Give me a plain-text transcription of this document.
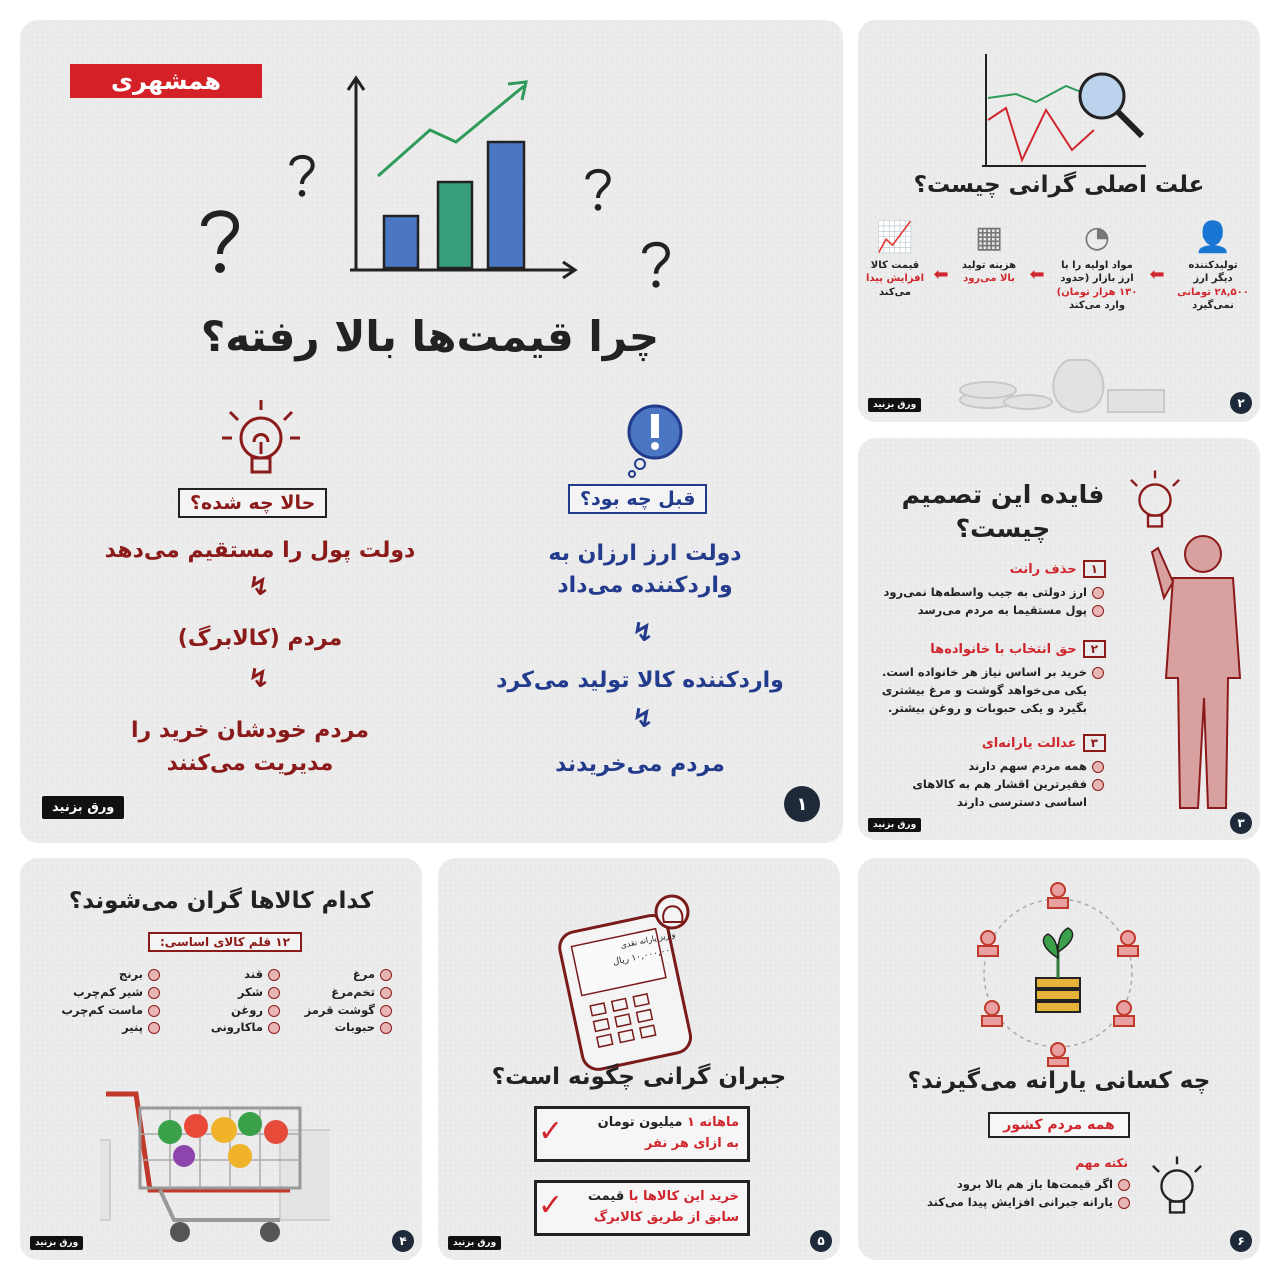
همشهری
چرا قیمت‌ها بالا رفته؟
حالا چه شده؟
دولت پول را مستقیم می‌دهد
↯
مردم (کالابرگ)
↯
مردم خودشان خرید را مدیریت می‌کنند
قبل چه بود؟
دولت ارز ارزان به واردکننده می‌داد
↯
واردکننده کالا تولید می‌کرد
↯
مردم می‌خریدند
ورق بزنید	۱
علت اصلی گرانی چیست؟
👤
تولیدکننده
دیگر ارز
۲۸,۵۰۰ تومانی
نمی‌گیرد
⬅
◔
مواد اولیه را با
ارز بازار (حدود
۱۳۰ هزار تومان)
وارد می‌کند
⬅
▦
هزینه تولید
بالا می‌رود
⬅
📈
قیمت کالا
افزایش پیدا
می‌کند
ورق بزنید	۲
فایده این تصمیم چیست؟
۱
حذف رانت
ارز دولتی به جیب واسطه‌ها نمی‌رود
پول مستقیما به مردم می‌رسد
۲
حق انتخاب با خانواده‌ها
خرید بر اساس نیاز هر خانواده است. یکی می‌خواهد گوشت و مرغ بیشتری بگیرد و یکی حبوبات و روغن بیشتر.
۳
عدالت یارانه‌ای
همه مردم سهم دارند
فقیرترین اقشار هم به کالاهای اساسی دسترسی دارند
ورق بزنید	۳
کدام کالاها گران می‌شوند؟
۱۲ قلم کالای اساسی:
مرغ
تخم‌مرغ
گوشت قرمز
حبوبات
قند
شکر
روغن
ماکارونی
برنج
شیر کم‌چرب
ماست کم‌چرب
پنیر
ورق بزنید	۴
واریز یارانه نقدی
۱۰,۰۰۰,۰۰۰ ریال
جبران گرانی چگونه است؟
ماهانه ۱ میلیون تومان
به ازای هر نفر
✓
خرید این کالاها با قیمت
سابق از طریق کالابرگ
✓
ورق بزنید	۵
چه کسانی یارانه می‌گیرند؟
همه مردم کشور
نکته مهم
اگر قیمت‌ها باز هم بالا برود
یارانه جبرانی افزایش پیدا می‌کند
۶
